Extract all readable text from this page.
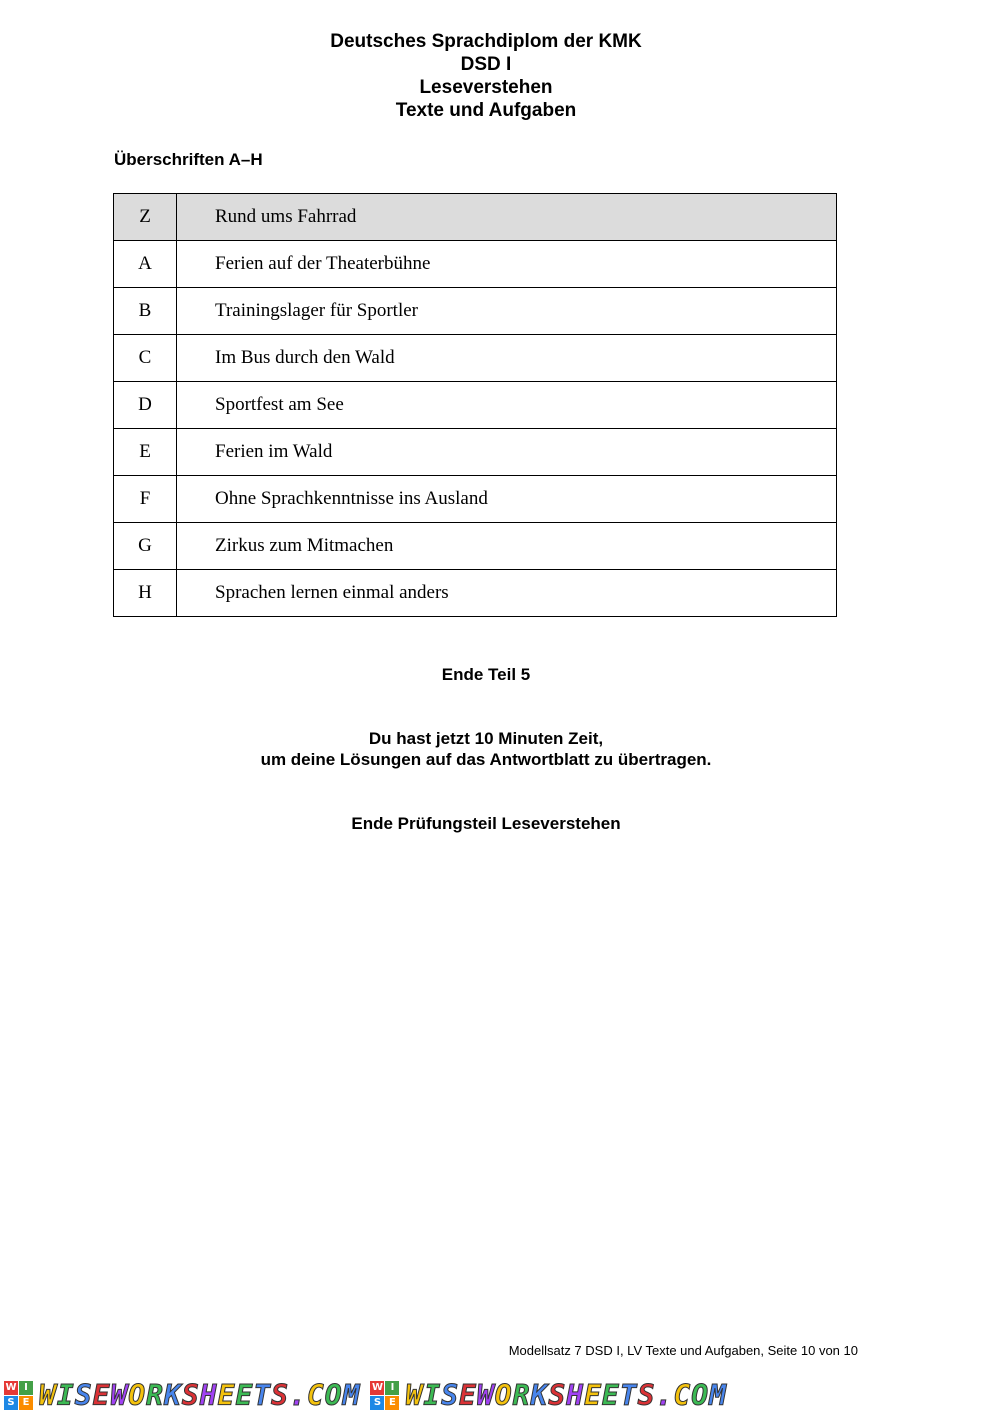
Deutsches Sprachdiplom der KMK
DSD I
Leseverstehen
Texte und Aufgaben
Überschriften A–H
Z	Rund ums Fahrrad
A	Ferien auf der Theaterbühne
B	Trainingslager für Sportler
C	Im Bus durch den Wald
D	Sportfest am See
E	Ferien im Wald
F	Ohne Sprachkenntnisse ins Ausland
G	Zirkus zum Mitmachen
H	Sprachen lernen einmal anders
Ende Teil 5
Du hast jetzt 10 Minuten Zeit,
um deine Lösungen auf das Antwortblatt zu übertragen.
Ende Prüfungsteil Leseverstehen
Modellsatz 7 DSD I, LV Texte und Aufgaben, Seite 10 von 10
W I
S E WISEWORKSHEETS.COM W I
S E WISEWORKSHEETS.COM
